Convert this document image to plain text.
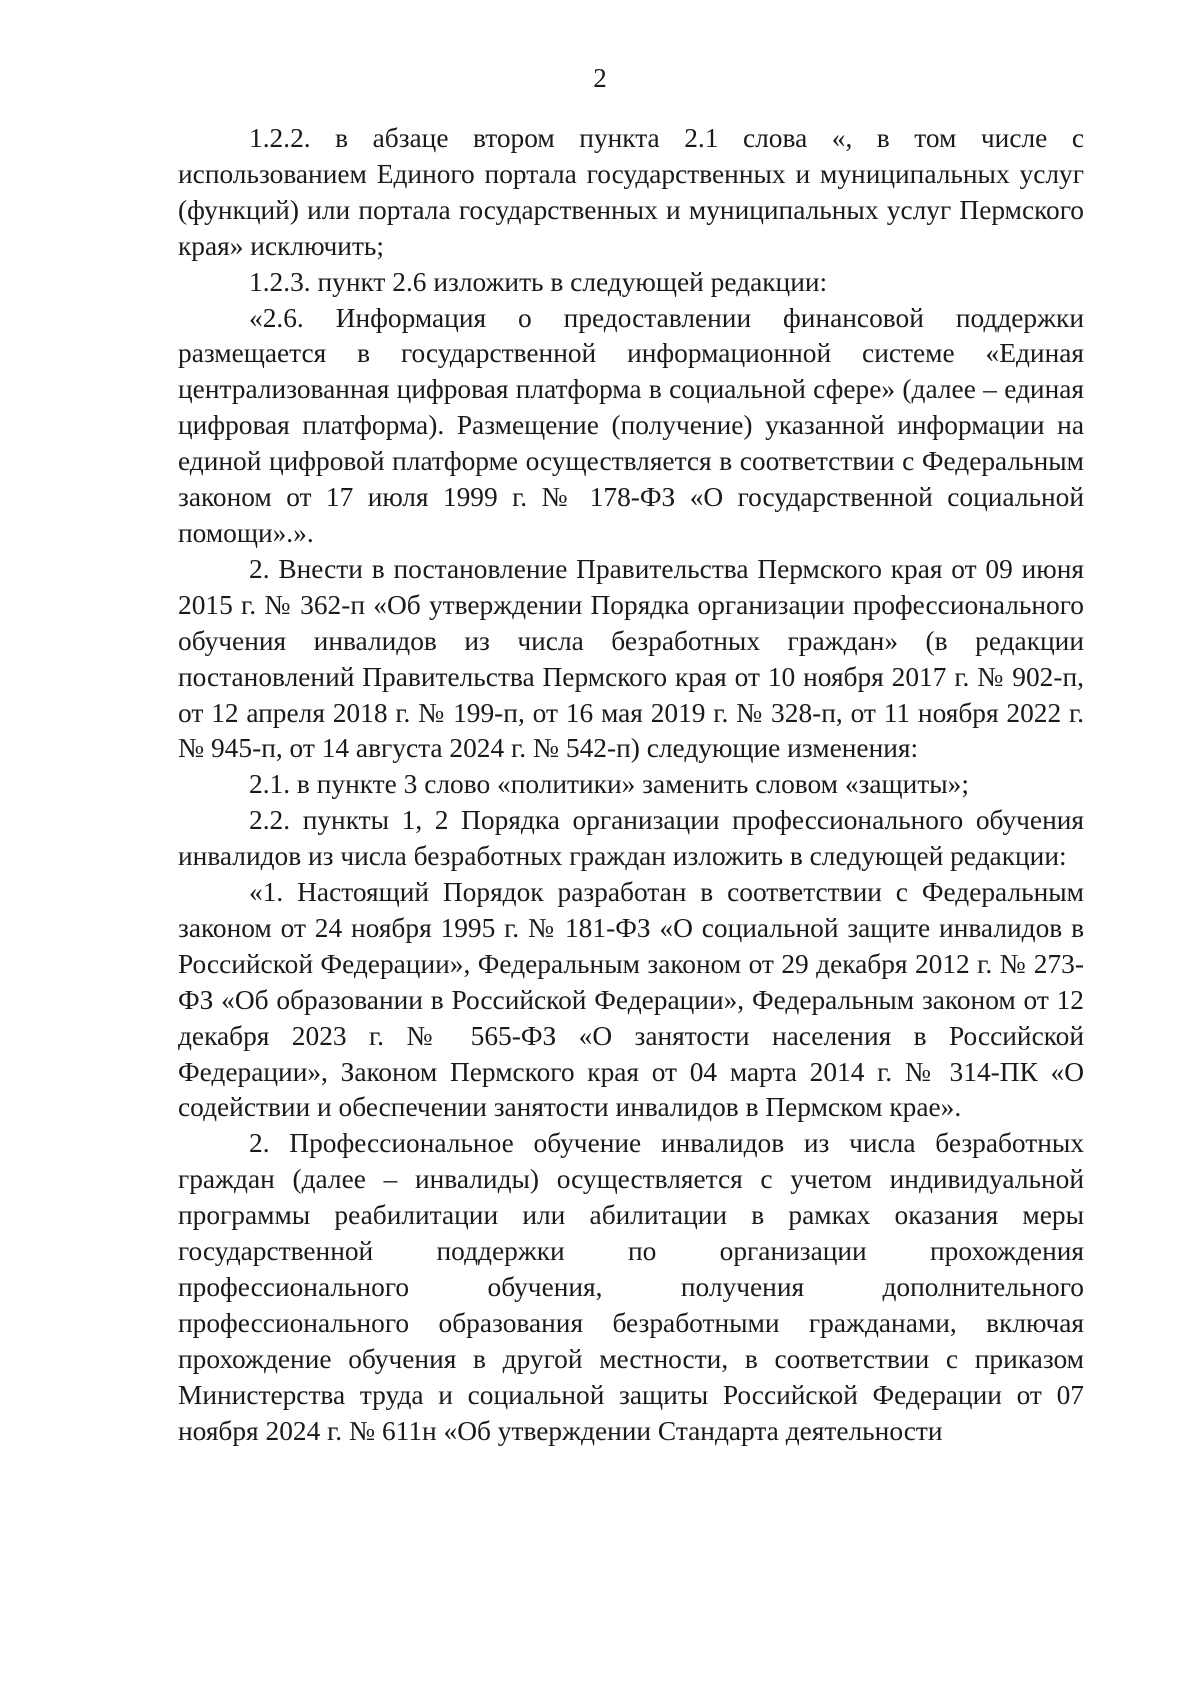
2

1.2.2. в абзаце втором пункта 2.1 слова «, в том числе с использованием Единого портала государственных и муниципальных услуг (функций) или портала государственных и муниципальных услуг Пермского края» исключить;

1.2.3. пункт 2.6 изложить в следующей редакции:

«2.6. Информация о предоставлении финансовой поддержки размещается в государственной информационной системе «Единая централизованная цифровая платформа в социальной сфере» (далее – единая цифровая платформа). Размещение (получение) указанной информации на единой цифровой платформе осуществляется в соответствии с Федеральным законом от 17 июля 1999 г. № 178-ФЗ «О государственной социальной помощи».».

2. Внести в постановление Правительства Пермского края от 09 июня 2015 г. № 362-п «Об утверждении Порядка организации профессионального обучения инвалидов из числа безработных граждан» (в редакции постановлений Правительства Пермского края от 10 ноября 2017 г. № 902-п, от 12 апреля 2018 г. № 199-п, от 16 мая 2019 г. № 328-п, от 11 ноября 2022 г. № 945-п, от 14 августа 2024 г. № 542-п) следующие изменения:

2.1. в пункте 3 слово «политики» заменить словом «защиты»;

2.2. пункты 1, 2 Порядка организации профессионального обучения инвалидов из числа безработных граждан изложить в следующей редакции:

«1. Настоящий Порядок разработан в соответствии с Федеральным законом от 24 ноября 1995 г. № 181-ФЗ «О социальной защите инвалидов в Российской Федерации», Федеральным законом от 29 декабря 2012 г. № 273-ФЗ «Об образовании в Российской Федерации», Федеральным законом от 12 декабря 2023 г. № 565-ФЗ «О занятости населения в Российской Федерации», Законом Пермского края от 04 марта 2014 г. № 314-ПК «О содействии и обеспечении занятости инвалидов в Пермском крае».

2. Профессиональное обучение инвалидов из числа безработных граждан (далее – инвалиды) осуществляется с учетом индивидуальной программы реабилитации или абилитации в рамках оказания меры государственной поддержки по организации прохождения профессионального обучения, получения дополнительного профессионального образования безработными гражданами, включая прохождение обучения в другой местности, в соответствии с приказом Министерства труда и социальной защиты Российской Федерации от 07 ноября 2024 г. № 611н «Об утверждении Стандарта деятельности
